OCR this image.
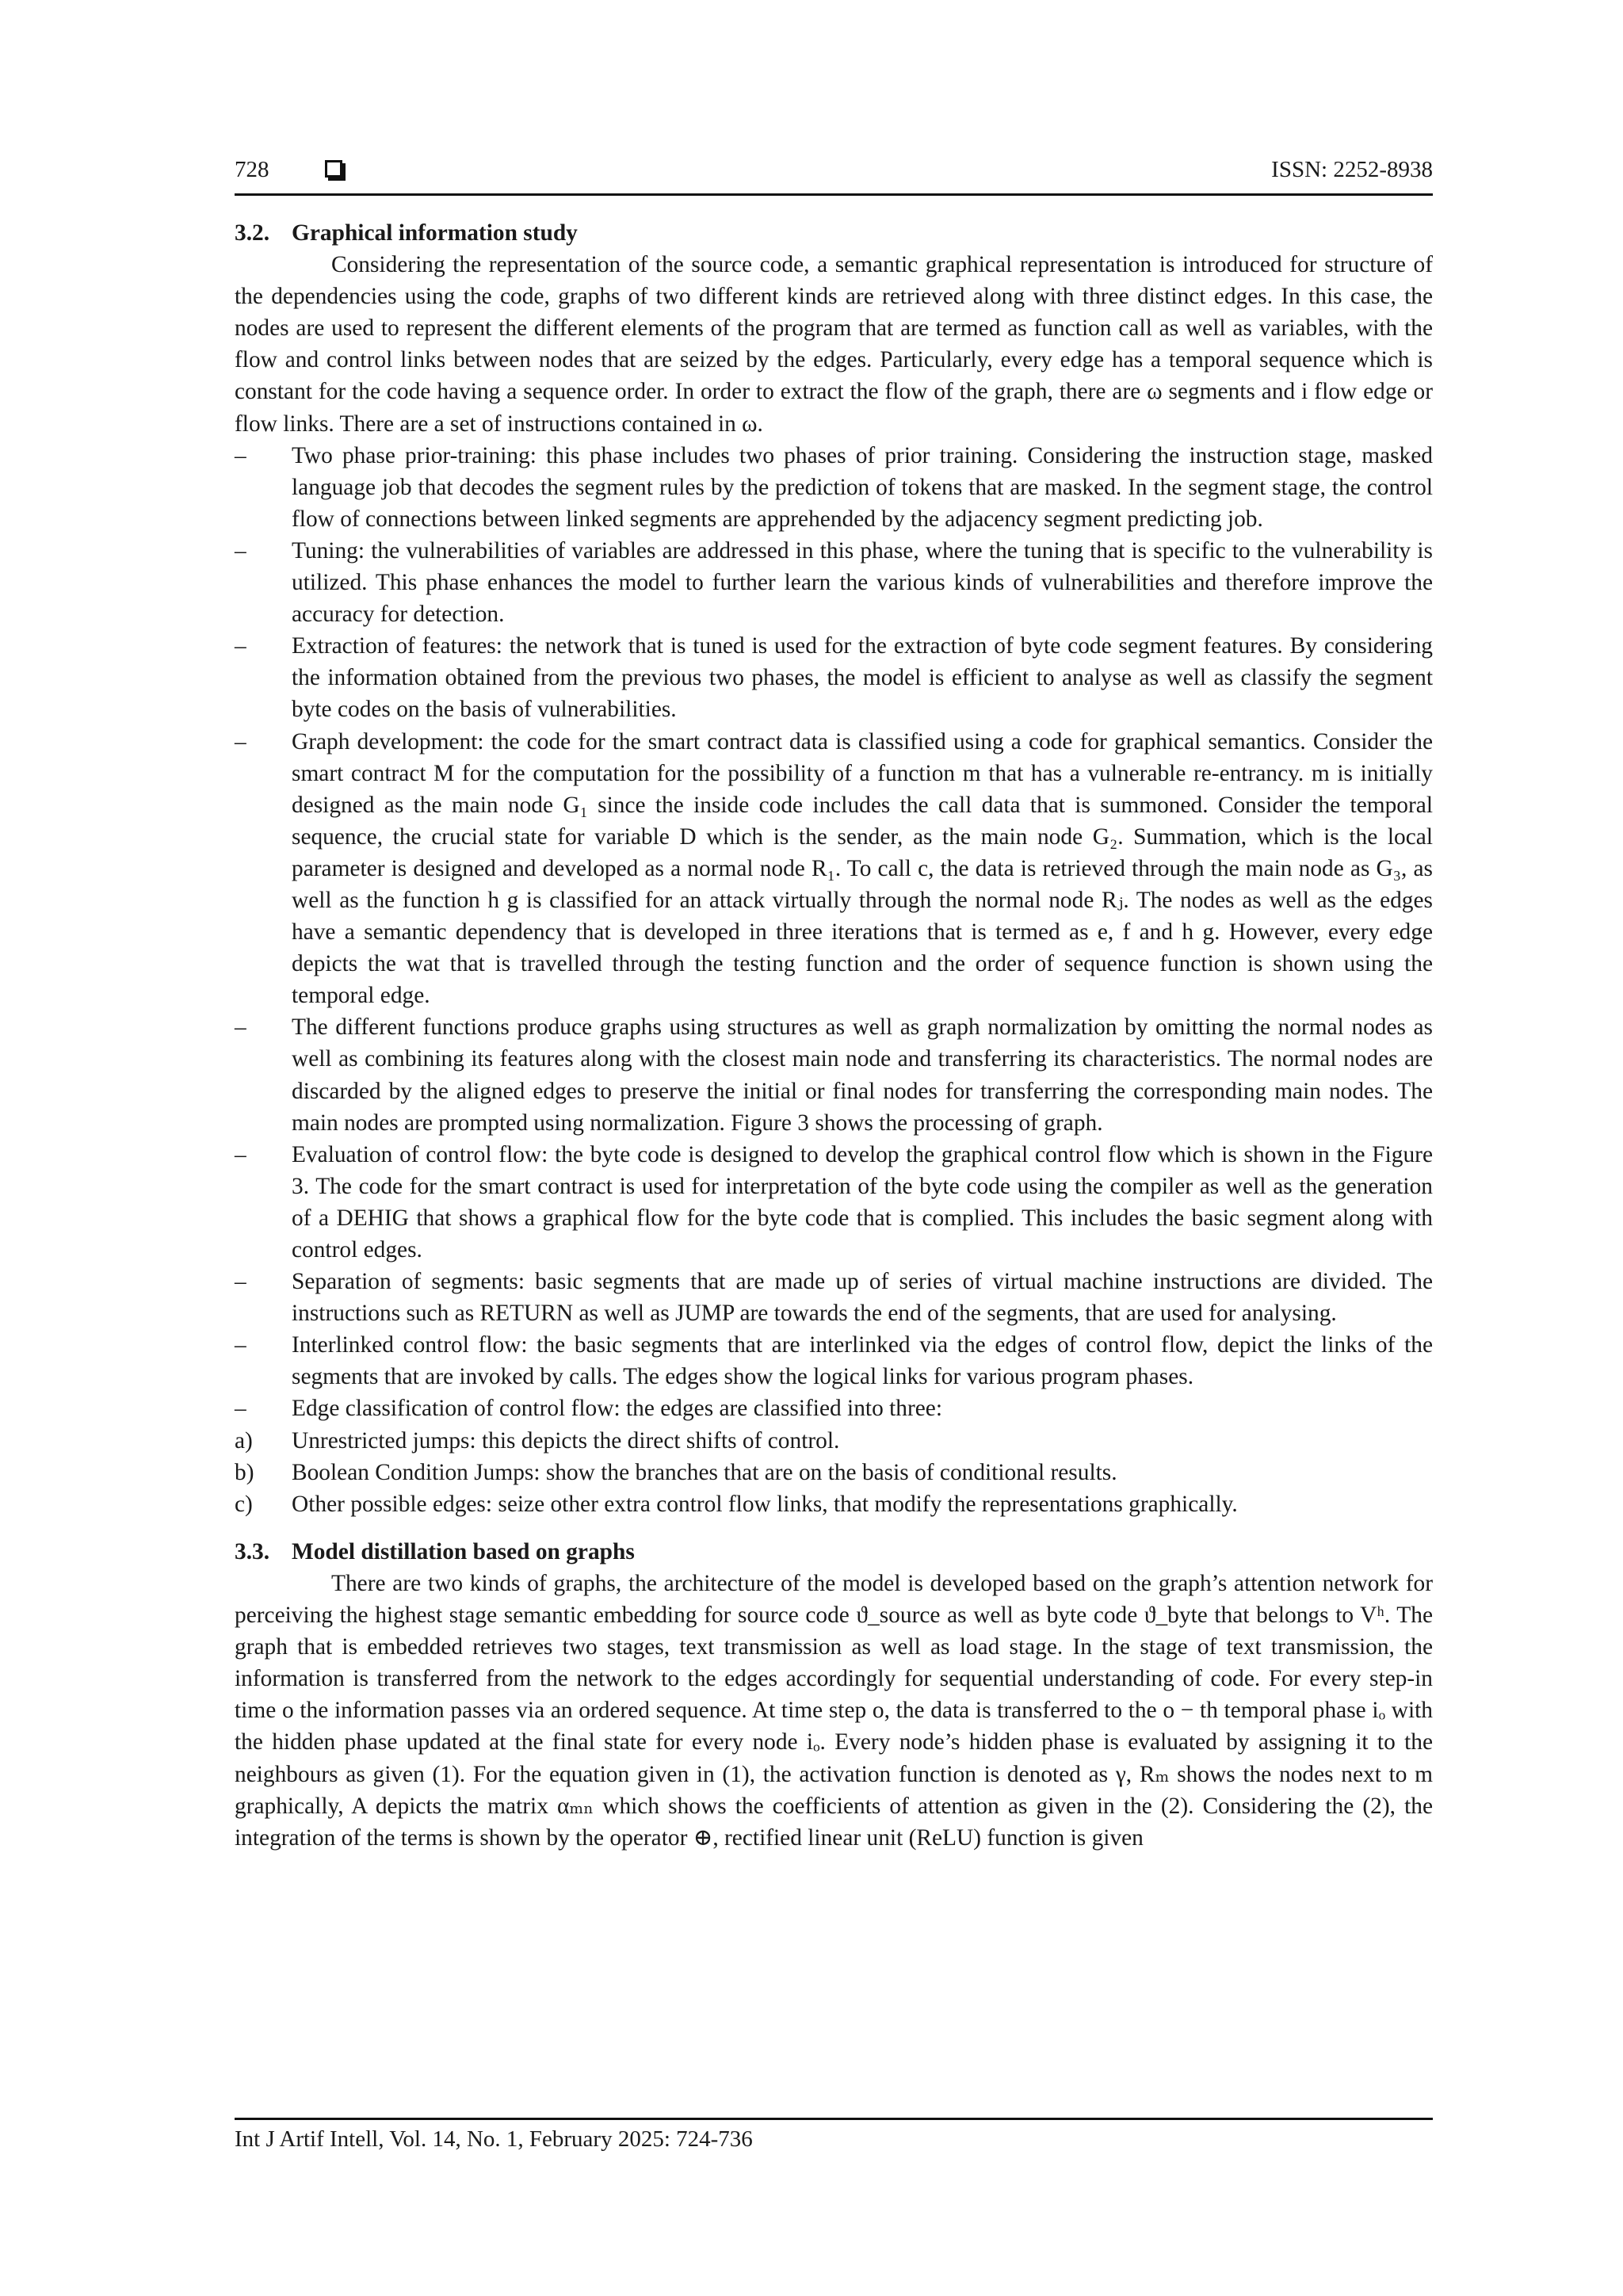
728	ISSN: 2252-8938

3.2. Graphical information study

Considering the representation of the source code, a semantic graphical representation is introduced for structure of the dependencies using the code, graphs of two different kinds are retrieved along with three distinct edges. In this case, the nodes are used to represent the different elements of the program that are termed as function call as well as variables, with the flow and control links between nodes that are seized by the edges. Particularly, every edge has a temporal sequence which is constant for the code having a sequence order. In order to extract the flow of the graph, there are ω segments and i flow edge or flow links. There are a set of instructions contained in ω.

– Two phase prior-training: this phase includes two phases of prior training. Considering the instruction stage, masked language job that decodes the segment rules by the prediction of tokens that are masked. In the segment stage, the control flow of connections between linked segments are apprehended by the adjacency segment predicting job.
– Tuning: the vulnerabilities of variables are addressed in this phase, where the tuning that is specific to the vulnerability is utilized. This phase enhances the model to further learn the various kinds of vulnerabilities and therefore improve the accuracy for detection.
– Extraction of features: the network that is tuned is used for the extraction of byte code segment features. By considering the information obtained from the previous two phases, the model is efficient to analyse as well as classify the segment byte codes on the basis of vulnerabilities.
– Graph development: the code for the smart contract data is classified using a code for graphical semantics. Consider the smart contract M for the computation for the possibility of a function m that has a vulnerable re-entrancy. m is initially designed as the main node G₁ since the inside code includes the call data that is summoned. Consider the temporal sequence, the crucial state for variable D which is the sender, as the main node G₂. Summation, which is the local parameter is designed and developed as a normal node R₁. To call c, the data is retrieved through the main node as G₃, as well as the function h g is classified for an attack virtually through the normal node Rⱼ. The nodes as well as the edges have a semantic dependency that is developed in three iterations that is termed as e, f and h g. However, every edge depicts the wat that is travelled through the testing function and the order of sequence function is shown using the temporal edge.
– The different functions produce graphs using structures as well as graph normalization by omitting the normal nodes as well as combining its features along with the closest main node and transferring its characteristics. The normal nodes are discarded by the aligned edges to preserve the initial or final nodes for transferring the corresponding main nodes. The main nodes are prompted using normalization. Figure 3 shows the processing of graph.
– Evaluation of control flow: the byte code is designed to develop the graphical control flow which is shown in the Figure 3. The code for the smart contract is used for interpretation of the byte code using the compiler as well as the generation of a DEHIG that shows a graphical flow for the byte code that is complied. This includes the basic segment along with control edges.
– Separation of segments: basic segments that are made up of series of virtual machine instructions are divided. The instructions such as RETURN as well as JUMP are towards the end of the segments, that are used for analysing.
– Interlinked control flow: the basic segments that are interlinked via the edges of control flow, depict the links of the segments that are invoked by calls. The edges show the logical links for various program phases.
– Edge classification of control flow: the edges are classified into three:
a) Unrestricted jumps: this depicts the direct shifts of control.
b) Boolean Condition Jumps: show the branches that are on the basis of conditional results.
c) Other possible edges: seize other extra control flow links, that modify the representations graphically.

3.3. Model distillation based on graphs

There are two kinds of graphs, the architecture of the model is developed based on the graph’s attention network for perceiving the highest stage semantic embedding for source code ϑ_source as well as byte code ϑ_byte that belongs to Vʰ. The graph that is embedded retrieves two stages, text transmission as well as load stage. In the stage of text transmission, the information is transferred from the network to the edges accordingly for sequential understanding of code. For every step-in time o the information passes via an ordered sequence. At time step o, the data is transferred to the o − th temporal phase iₒ with the hidden phase updated at the final state for every node iₒ. Every node’s hidden phase is evaluated by assigning it to the neighbours as given (1). For the equation given in (1), the activation function is denoted as γ, Rₘ shows the nodes next to m graphically, A depicts the matrix αₘₙ which shows the coefficients of attention as given in the (2). Considering the (2), the integration of the terms is shown by the operator ⊕, rectified linear unit (ReLU) function is given

Int J Artif Intell, Vol. 14, No. 1, February 2025: 724-736
